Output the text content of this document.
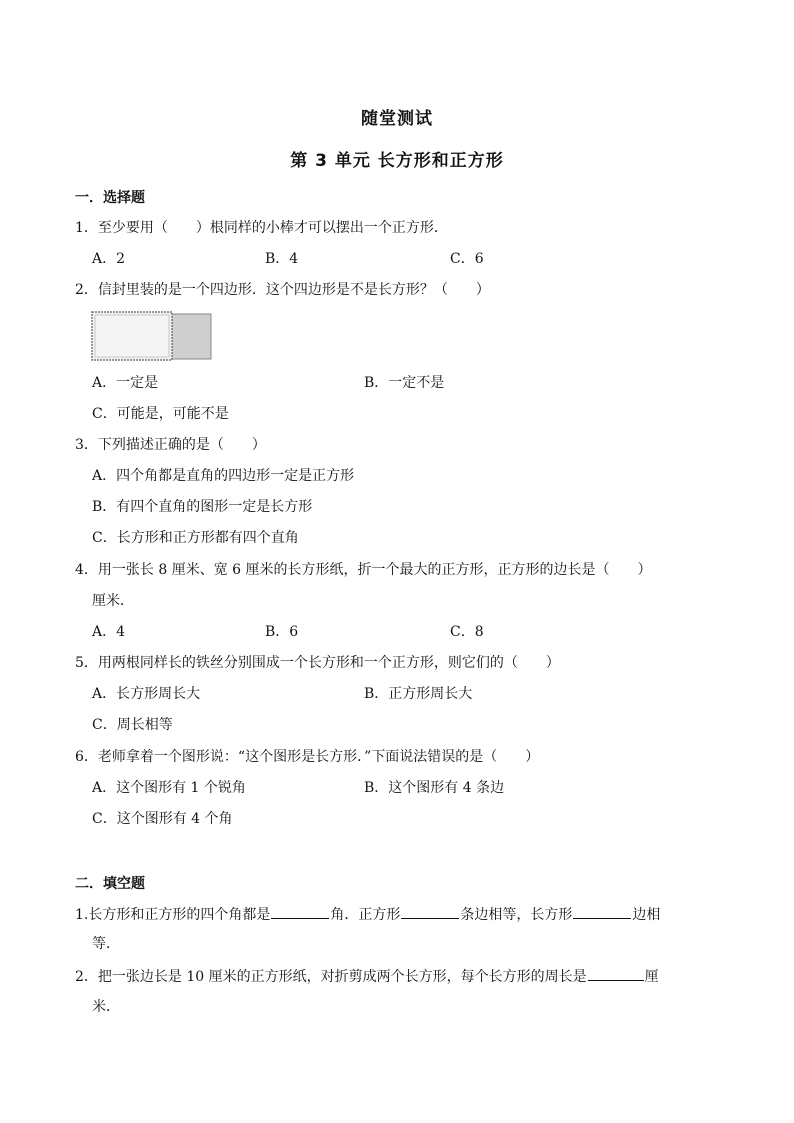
随堂测试
第 3 单元 长方形和正方形
一．选择题
1．至少要用（　　）根同样的小棒才可以摆出一个正方形．
A．2	B．4	C．6
2．信封里装的是一个四边形．这个四边形是不是长方形？（　　）
A．一定是	B．一定不是
C．可能是，可能不是
3．下列描述正确的是（　　）
A．四个角都是直角的四边形一定是正方形
B．有四个直角的图形一定是长方形
C．长方形和正方形都有四个直角
4．用一张长 8 厘米、宽 6 厘米的长方形纸，折一个最大的正方形，正方形的边长是（　　）
厘米．
A．4	B．6	C．8
5．用两根同样长的铁丝分别围成一个长方形和一个正方形，则它们的（　　）
A．长方形周长大	B．正方形周长大
C．周长相等
6．老师拿着一个图形说：“这个图形是长方形．”下面说法错误的是（　　）
A．这个图形有 1 个锐角	B．这个图形有 4 条边
C．这个图形有 4 个角
二．填空题
1.长方形和正方形的四个角都是	角．正方形	条边相等，长方形	边相
等．
2．把一张边长是 10 厘米的正方形纸，对折剪成两个长方形，每个长方形的周长是	厘
米．
